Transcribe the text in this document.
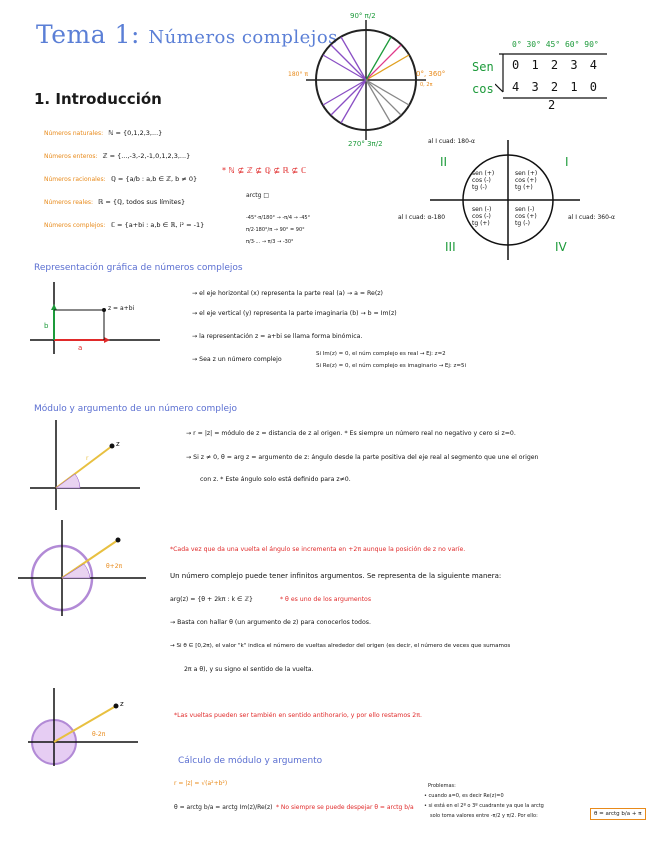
Tema 1: Números complejos
90° π/2
0°, 360°
0, 2π
180° π
270° 3π/2
0° 30° 45° 60° 90°
Sen 0 1 2 3 4
cos 4 3 2 1 0
2
al I cuad: 180-α
I
II
III	IV
al I cuad: α-180	al I cuad: 360-α
sen (+)
cos (-)
tg (-)
sen (+)
cos (+)
tg (+)
sen (-)
cos (-)
tg (+)
sen (-)
cos (+)
tg (-)
1. Introducción
Números naturales: ℕ = {0,1,2,3,...}
Números enteros: ℤ = {...,-3,-2,-1,0,1,2,3,...}
Números racionales: ℚ = {a/b : a,b ∈ ℤ, b ≠ 0}
Números reales: ℝ = {ℚ, todos sus límites}
Números complejos: ℂ = {a+bi : a,b ∈ ℝ, i² = -1}
* ℕ ⊈ ℤ ⊈ ℚ ⊈ ℝ ⊈ ℂ
arctg □
-45°·π/180° → -π/4 → -45°
π/2·180°/π → 90° = 90°
π/3·... → π/3 → -30°
Representación gráfica de números complejos
z = a+bi
b
a
→ el eje horizontal (x) representa la parte real (a) → a = Re(z)
→ el eje vertical (y) representa la parte imaginaria (b) → b = Im(z)
→ la representación z = a+bi se llama forma binómica.
→ Sea z un número complejo
Si Im(z) = 0, el núm complejo es real → Ej: z=2
Si Re(z) = 0, el núm complejo es imaginario → Ej: z=5i
Módulo y argumento de un número complejo
z
r
→ r = |z| = módulo de z = distancia de z al origen. * Es siempre un número real no negativo y cero si z=0.
→ Si z ≠ 0, θ = arg z = argumento de z: ángulo desde la parte positiva del eje real al segmento que une el origen
con z. * Este ángulo solo está definido para z≠0.
θ+2π
*Cada vez que da una vuelta el ángulo se incrementa en +2π aunque la posición de z no varíe.
Un número complejo puede tener infinitos argumentos. Se representa de la siguiente manera:
arg(z) = {θ + 2kπ : k ∈ ℤ}	* θ es uno de los argumentos
→ Basta con hallar θ (un argumento de z) para conocerlos todos.
→ Si θ ∈ [0,2π), el valor "k" indica el número de vueltas alrededor del origen (es decir, el número de veces que sumamos
2π a θ), y su signo el sentido de la vuelta.
z
θ-2π
*Las vueltas pueden ser también en sentido antihorario, y por ello restamos 2π.
Cálculo de módulo y argumento
r = |z| = √(a²+b²)
θ = arctg b/a = arctg Im(z)/Re(z) * No siempre se puede despejar θ = arctg b/a
Problemas:
• cuando a=0, es decir Re(z)=0
• si está en el 2º o 3º cuadrante ya que la arctg
solo toma valores entre -π/2 y π/2. Por ello:	θ = arctg b/a + π
